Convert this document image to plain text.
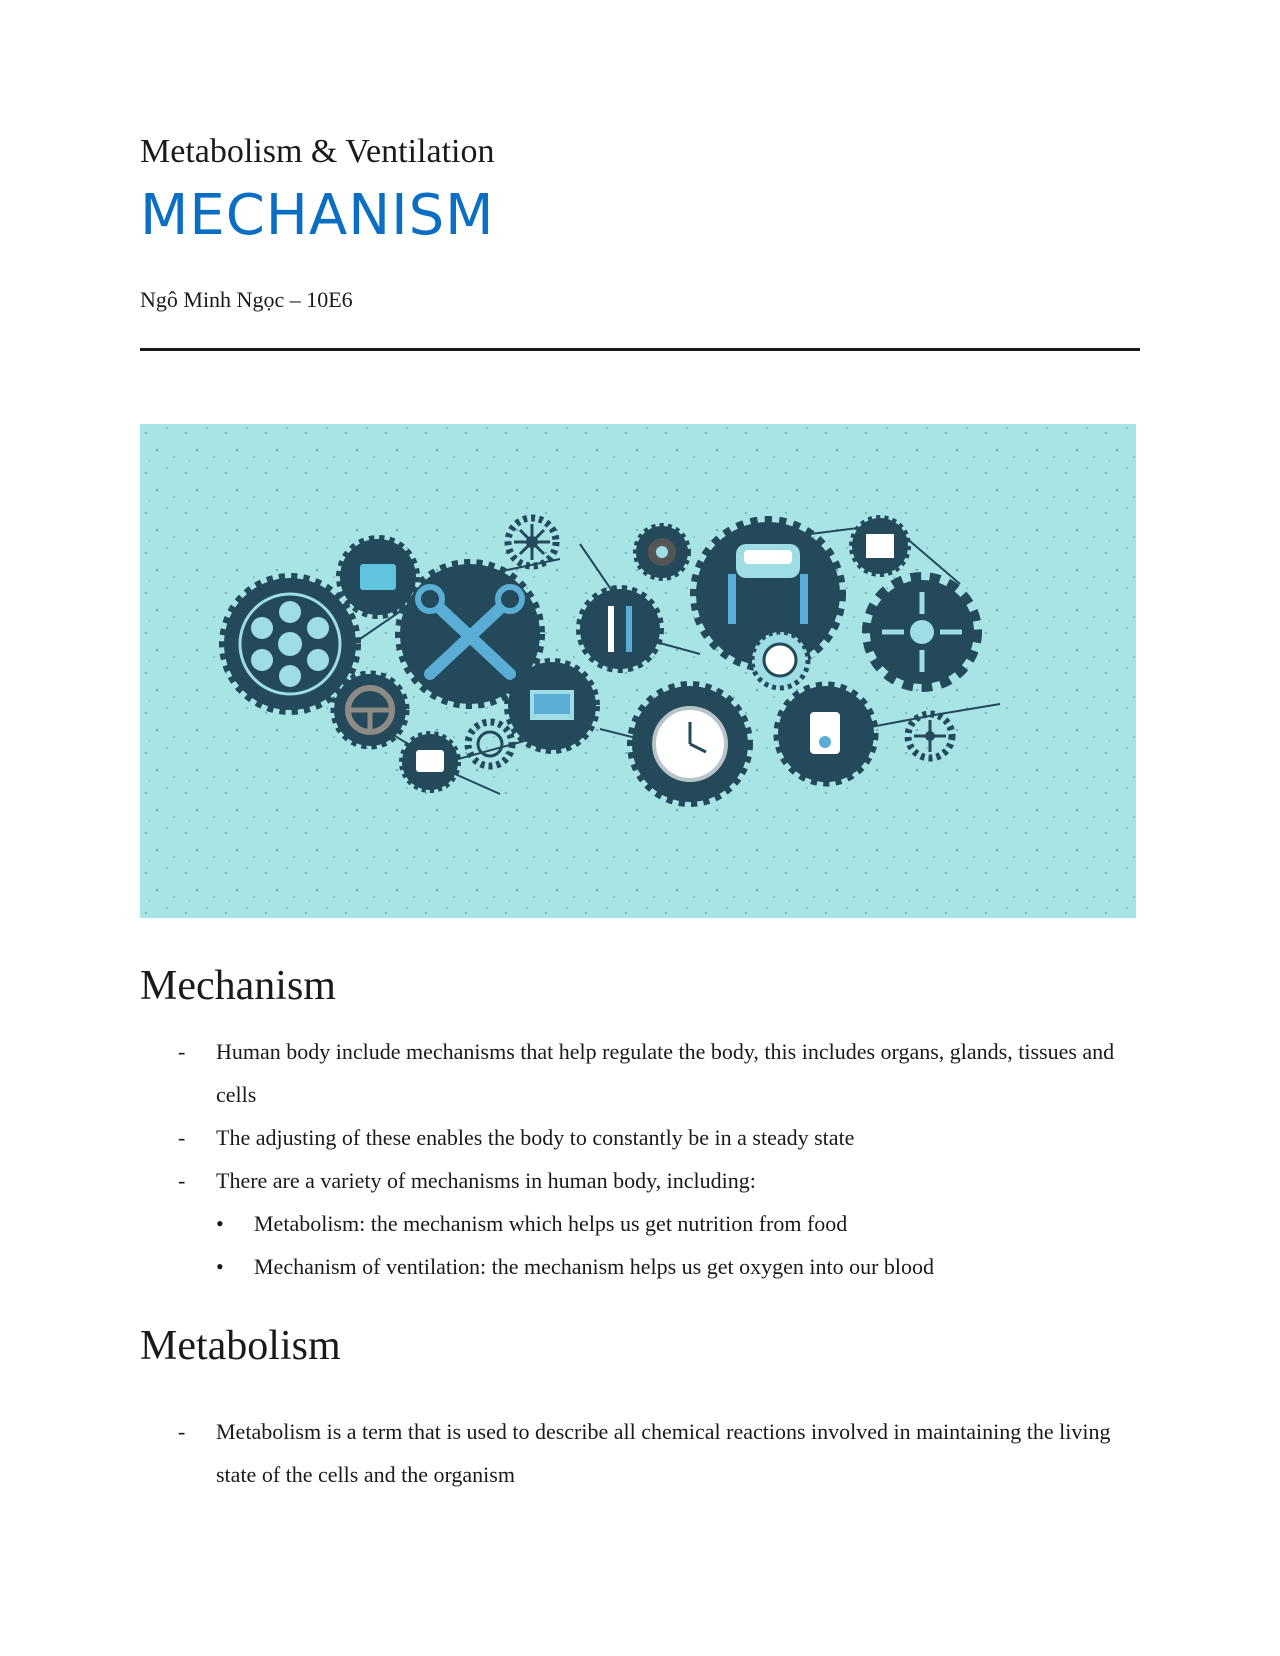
Metabolism & Ventilation
MECHANISM
Ngô Minh Ngọc – 10E6
Mechanism
- Human body include mechanisms that help regulate the body, this includes organs, glands, tissues and cells
- The adjusting of these enables the body to constantly be in a steady state
- There are a variety of mechanisms in human body, including:
• Metabolism: the mechanism which helps us get nutrition from food
• Mechanism of ventilation: the mechanism helps us get oxygen into our blood
Metabolism
- Metabolism is a term that is used to describe all chemical reactions involved in maintaining the living state of the cells and the organism
